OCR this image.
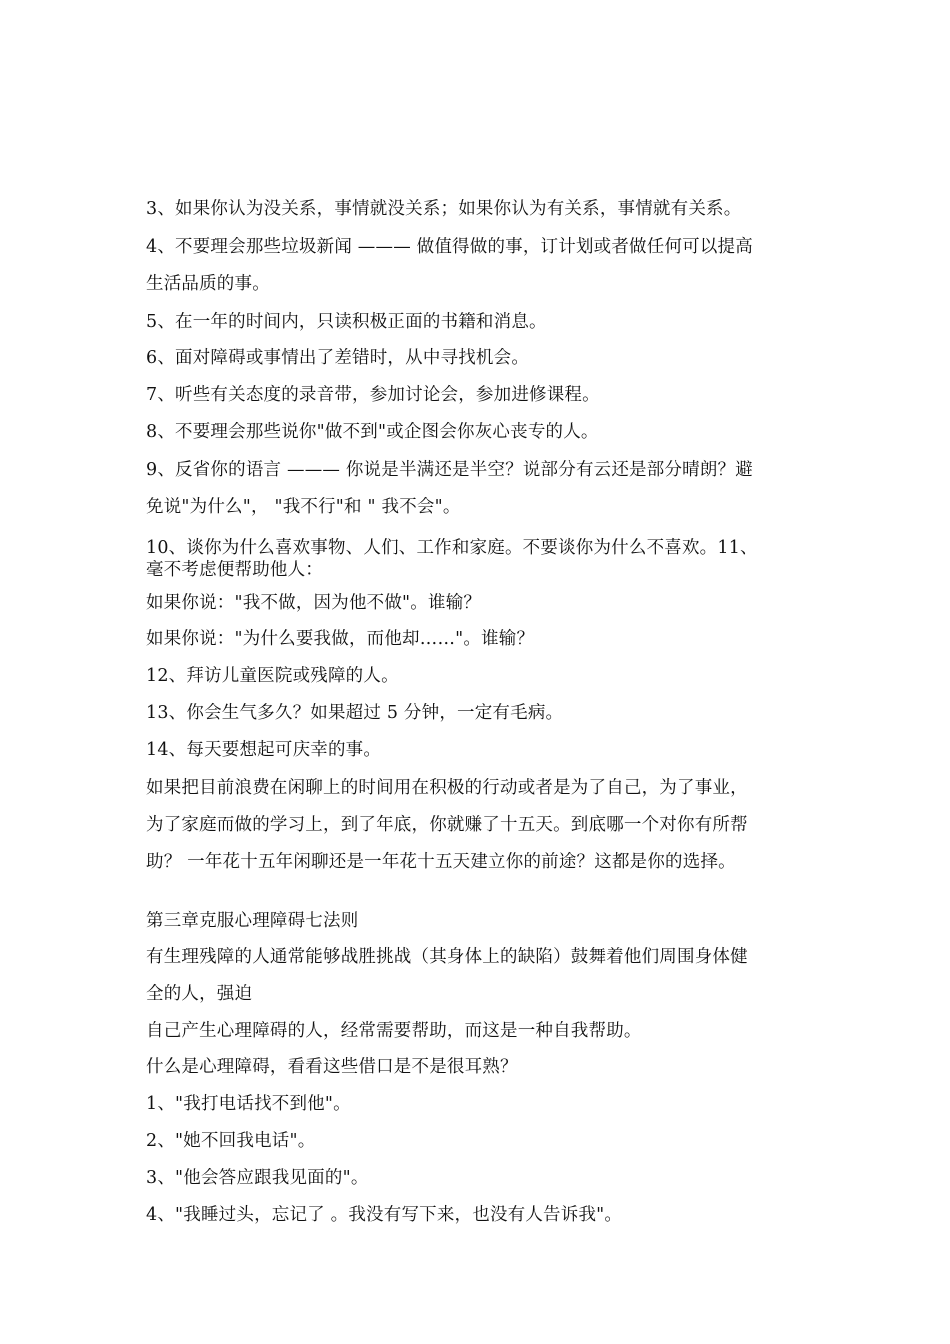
3、如果你认为没关系，事情就没关系；如果你认为有关系，事情就有关系。
4、不要理会那些垃圾新闻 ——— 做值得做的事，订计划或者做任何可以提高
生活品质的事。
5、在一年的时间内，只读积极正面的书籍和消息。
6、面对障碍或事情出了差错时，从中寻找机会。
7、听些有关态度的录音带，参加讨论会，参加进修课程。
8、不要理会那些说你"做不到"或企图会你灰心丧专的人。
9、反省你的语言 ——— 你说是半满还是半空？说部分有云还是部分晴朗？避
免说"为什么"， "我不行"和 " 我不会"。
10、谈你为什么喜欢事物、人们、工作和家庭。不要谈你为什么不喜欢。11、
毫不考虑便帮助他人：
如果你说："我不做，因为他不做"。谁输？
如果你说："为什么要我做，而他却……"。谁输？
12、拜访儿童医院或残障的人。
13、你会生气多久？如果超过 5 分钟，一定有毛病。
14、每天要想起可庆幸的事。
如果把目前浪费在闲聊上的时间用在积极的行动或者是为了自己，为了事业，
为了家庭而做的学习上，到了年底，你就赚了十五天。到底哪一个对你有所帮
助？ 一年花十五年闲聊还是一年花十五天建立你的前途？这都是你的选择。
第三章克服心理障碍七法则
有生理残障的人通常能够战胜挑战（其身体上的缺陷）鼓舞着他们周围身体健
全的人，强迫
自己产生心理障碍的人，经常需要帮助，而这是一种自我帮助。
什么是心理障碍，看看这些借口是不是很耳熟？
1、"我打电话找不到他"。
2、"她不回我电话"。
3、"他会答应跟我见面的"。
4、"我睡过头，忘记了 。我没有写下来，也没有人告诉我"。
